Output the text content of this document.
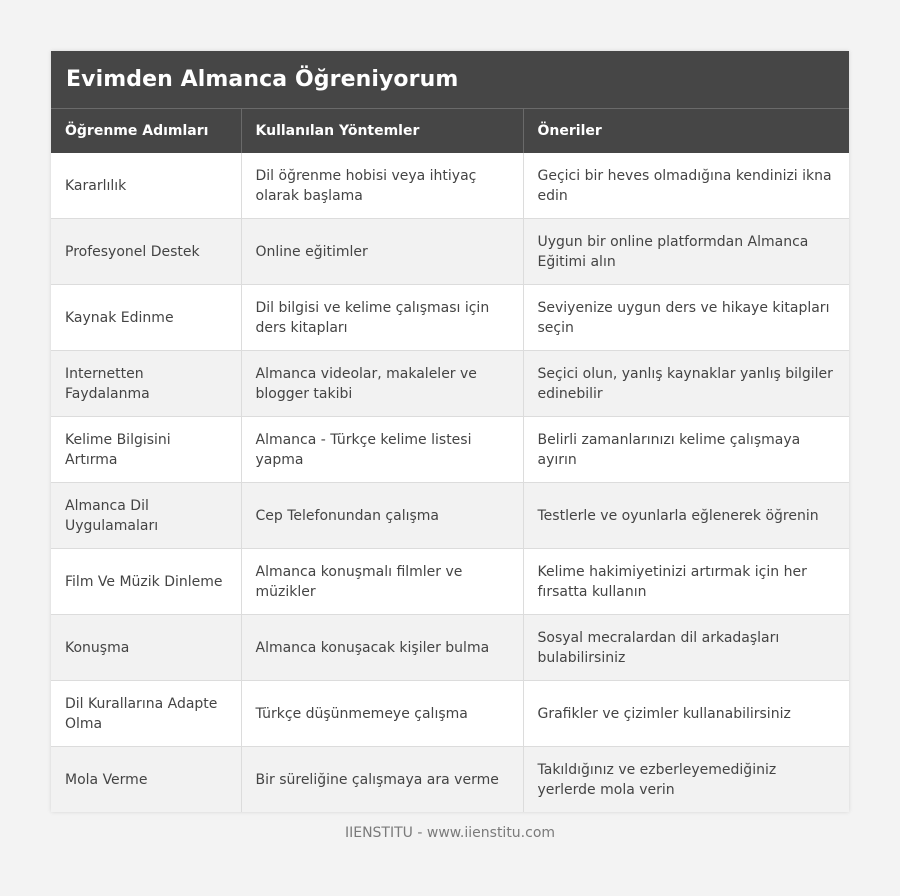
Evimden Almanca Öğreniyorum
Öğrenme Adımları	Kullanılan Yöntemler	Öneriler
Kararlılık	Dil öğrenme hobisi veya ihtiyaç olarak başlama	Geçici bir heves olmadığına kendinizi ikna edin
Profesyonel Destek	Online eğitimler	Uygun bir online platformdan Almanca Eğitimi alın
Kaynak Edinme	Dil bilgisi ve kelime çalışması için ders kitapları	Seviyenize uygun ders ve hikaye kitapları seçin
Internetten Faydalanma	Almanca videolar, makaleler ve blogger takibi	Seçici olun, yanlış kaynaklar yanlış bilgiler edinebilir
Kelime Bilgisini Artırma	Almanca - Türkçe kelime listesi yapma	Belirli zamanlarınızı kelime çalışmaya ayırın
Almanca Dil Uygulamaları	Cep Telefonundan çalışma	Testlerle ve oyunlarla eğlenerek öğrenin
Film Ve Müzik Dinleme	Almanca konuşmalı filmler ve müzikler	Kelime hakimiyetinizi artırmak için her fırsatta kullanın
Konuşma	Almanca konuşacak kişiler bulma	Sosyal mecralardan dil arkadaşları bulabilirsiniz
Dil Kurallarına Adapte Olma	Türkçe düşünmemeye çalışma	Grafikler ve çizimler kullanabilirsiniz
Mola Verme	Bir süreliğine çalışmaya ara verme	Takıldığınız ve ezberleyemediğiniz yerlerde mola verin
IIENSTITU - www.iienstitu.com
